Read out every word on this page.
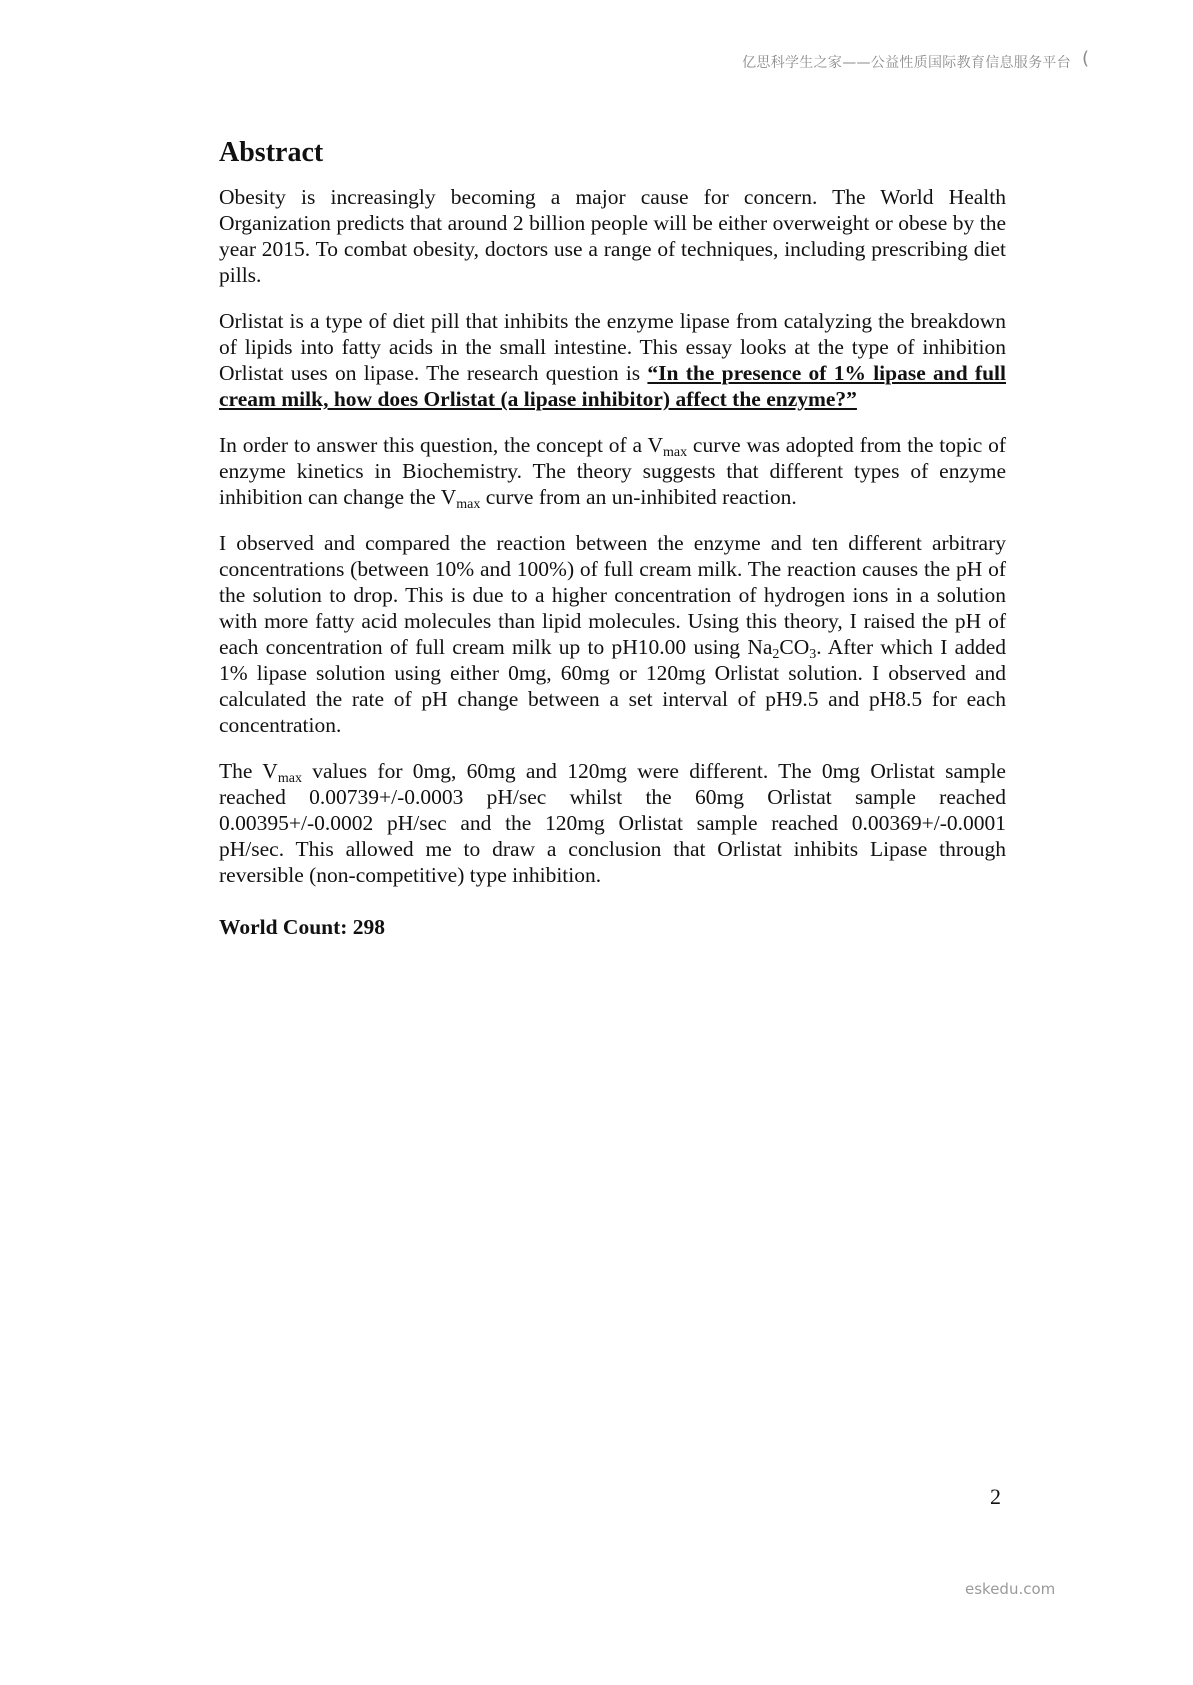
亿思科学生之家——公益性质国际教育信息服务平台 (
Abstract

Obesity is increasingly becoming a major cause for concern. The World Health Organization predicts that around 2 billion people will be either overweight or obese by the year 2015. To combat obesity, doctors use a range of techniques, including prescribing diet pills.

Orlistat is a type of diet pill that inhibits the enzyme lipase from catalyzing the breakdown of lipids into fatty acids in the small intestine. This essay looks at the type of inhibition Orlistat uses on lipase. The research question is “In the presence of 1% lipase and full cream milk, how does Orlistat (a lipase inhibitor) affect the enzyme?”

In order to answer this question, the concept of a $V_{max}$ curve was adopted from the topic of enzyme kinetics in Biochemistry. The theory suggests that different types of enzyme inhibition can change the $V_{max}$ curve from an un-inhibited reaction.

I observed and compared the reaction between the enzyme and ten different arbitrary concentrations (between 10% and 100%) of full cream milk. The reaction causes the pH of the solution to drop. This is due to a higher concentration of hydrogen ions in a solution with more fatty acid molecules than lipid molecules. Using this theory, I raised the pH of each concentration of full cream milk up to pH10.00 using $Na_2CO_3$. After which I added 1% lipase solution using either 0mg, 60mg or 120mg Orlistat solution. I observed and calculated the rate of pH change between a set interval of pH9.5 and pH8.5 for each concentration.

The $V_{max}$ values for 0mg, 60mg and 120mg were different. The 0mg Orlistat sample reached 0.00739+/-0.0003 pH/sec whilst the 60mg Orlistat sample reached 0.00395+/-0.0002 pH/sec and the 120mg Orlistat sample reached 0.00369+/-0.0001 pH/sec. This allowed me to draw a conclusion that Orlistat inhibits Lipase through reversible (non-competitive) type inhibition.

World Count: 298
2
eskedu.com
